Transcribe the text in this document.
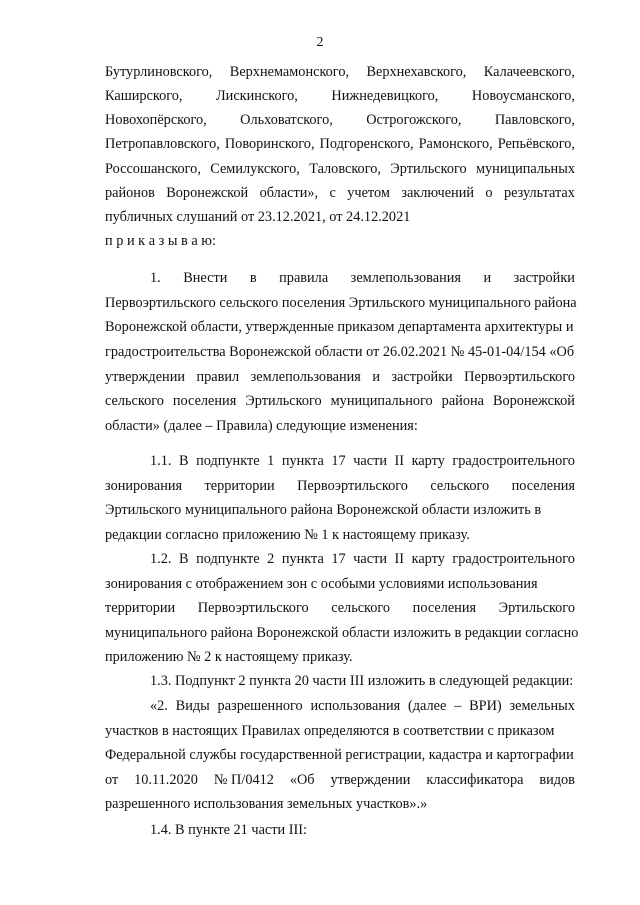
2
Бутурлиновского, Верхнемамонского, Верхнехавского, Калачеевского,
Каширского, Лискинского, Нижнедевицкого, Новоусманского,
Новохопёрского, Ольховатского, Острогожского, Павловского,
Петропавловского, Поворинского, Подгоренского, Рамонского, Репьёвского,
Россошанского, Семилукского, Таловского, Эртильского муниципальных
районов Воронежской области», с учетом заключений о результатах
публичных слушаний от 23.12.2021, от 24.12.2021
п р и к а з ы в а ю:
1. Внести в правила землепользования и застройки
Первоэртильского сельского поселения Эртильского муниципального района
Воронежской области, утвержденные приказом департамента архитектуры и
градостроительства Воронежской области от 26.02.2021 № 45-01-04/154 «Об
утверждении правил землепользования и застройки Первоэртильского
сельского поселения Эртильского муниципального района Воронежской
области» (далее – Правила) следующие изменения:
1.1. В подпункте 1 пункта 17 части II карту градостроительного
зонирования территории Первоэртильского сельского поселения
Эртильского муниципального района Воронежской области изложить в
редакции согласно приложению № 1 к настоящему приказу.
1.2. В подпункте 2 пункта 17 части II карту градостроительного
зонирования с отображением зон с особыми условиями использования
территории Первоэртильского сельского поселения Эртильского
муниципального района Воронежской области изложить в редакции согласно
приложению № 2 к настоящему приказу.
1.3. Подпункт 2 пункта 20 части III изложить в следующей редакции:
«2. Виды разрешенного использования (далее – ВРИ) земельных
участков в настоящих Правилах определяются в соответствии с приказом
Федеральной службы государственной регистрации, кадастра и картографии
от 10.11.2020 № П/0412 «Об утверждении классификатора видов
разрешенного использования земельных участков».»
1.4. В пункте 21 части III:
